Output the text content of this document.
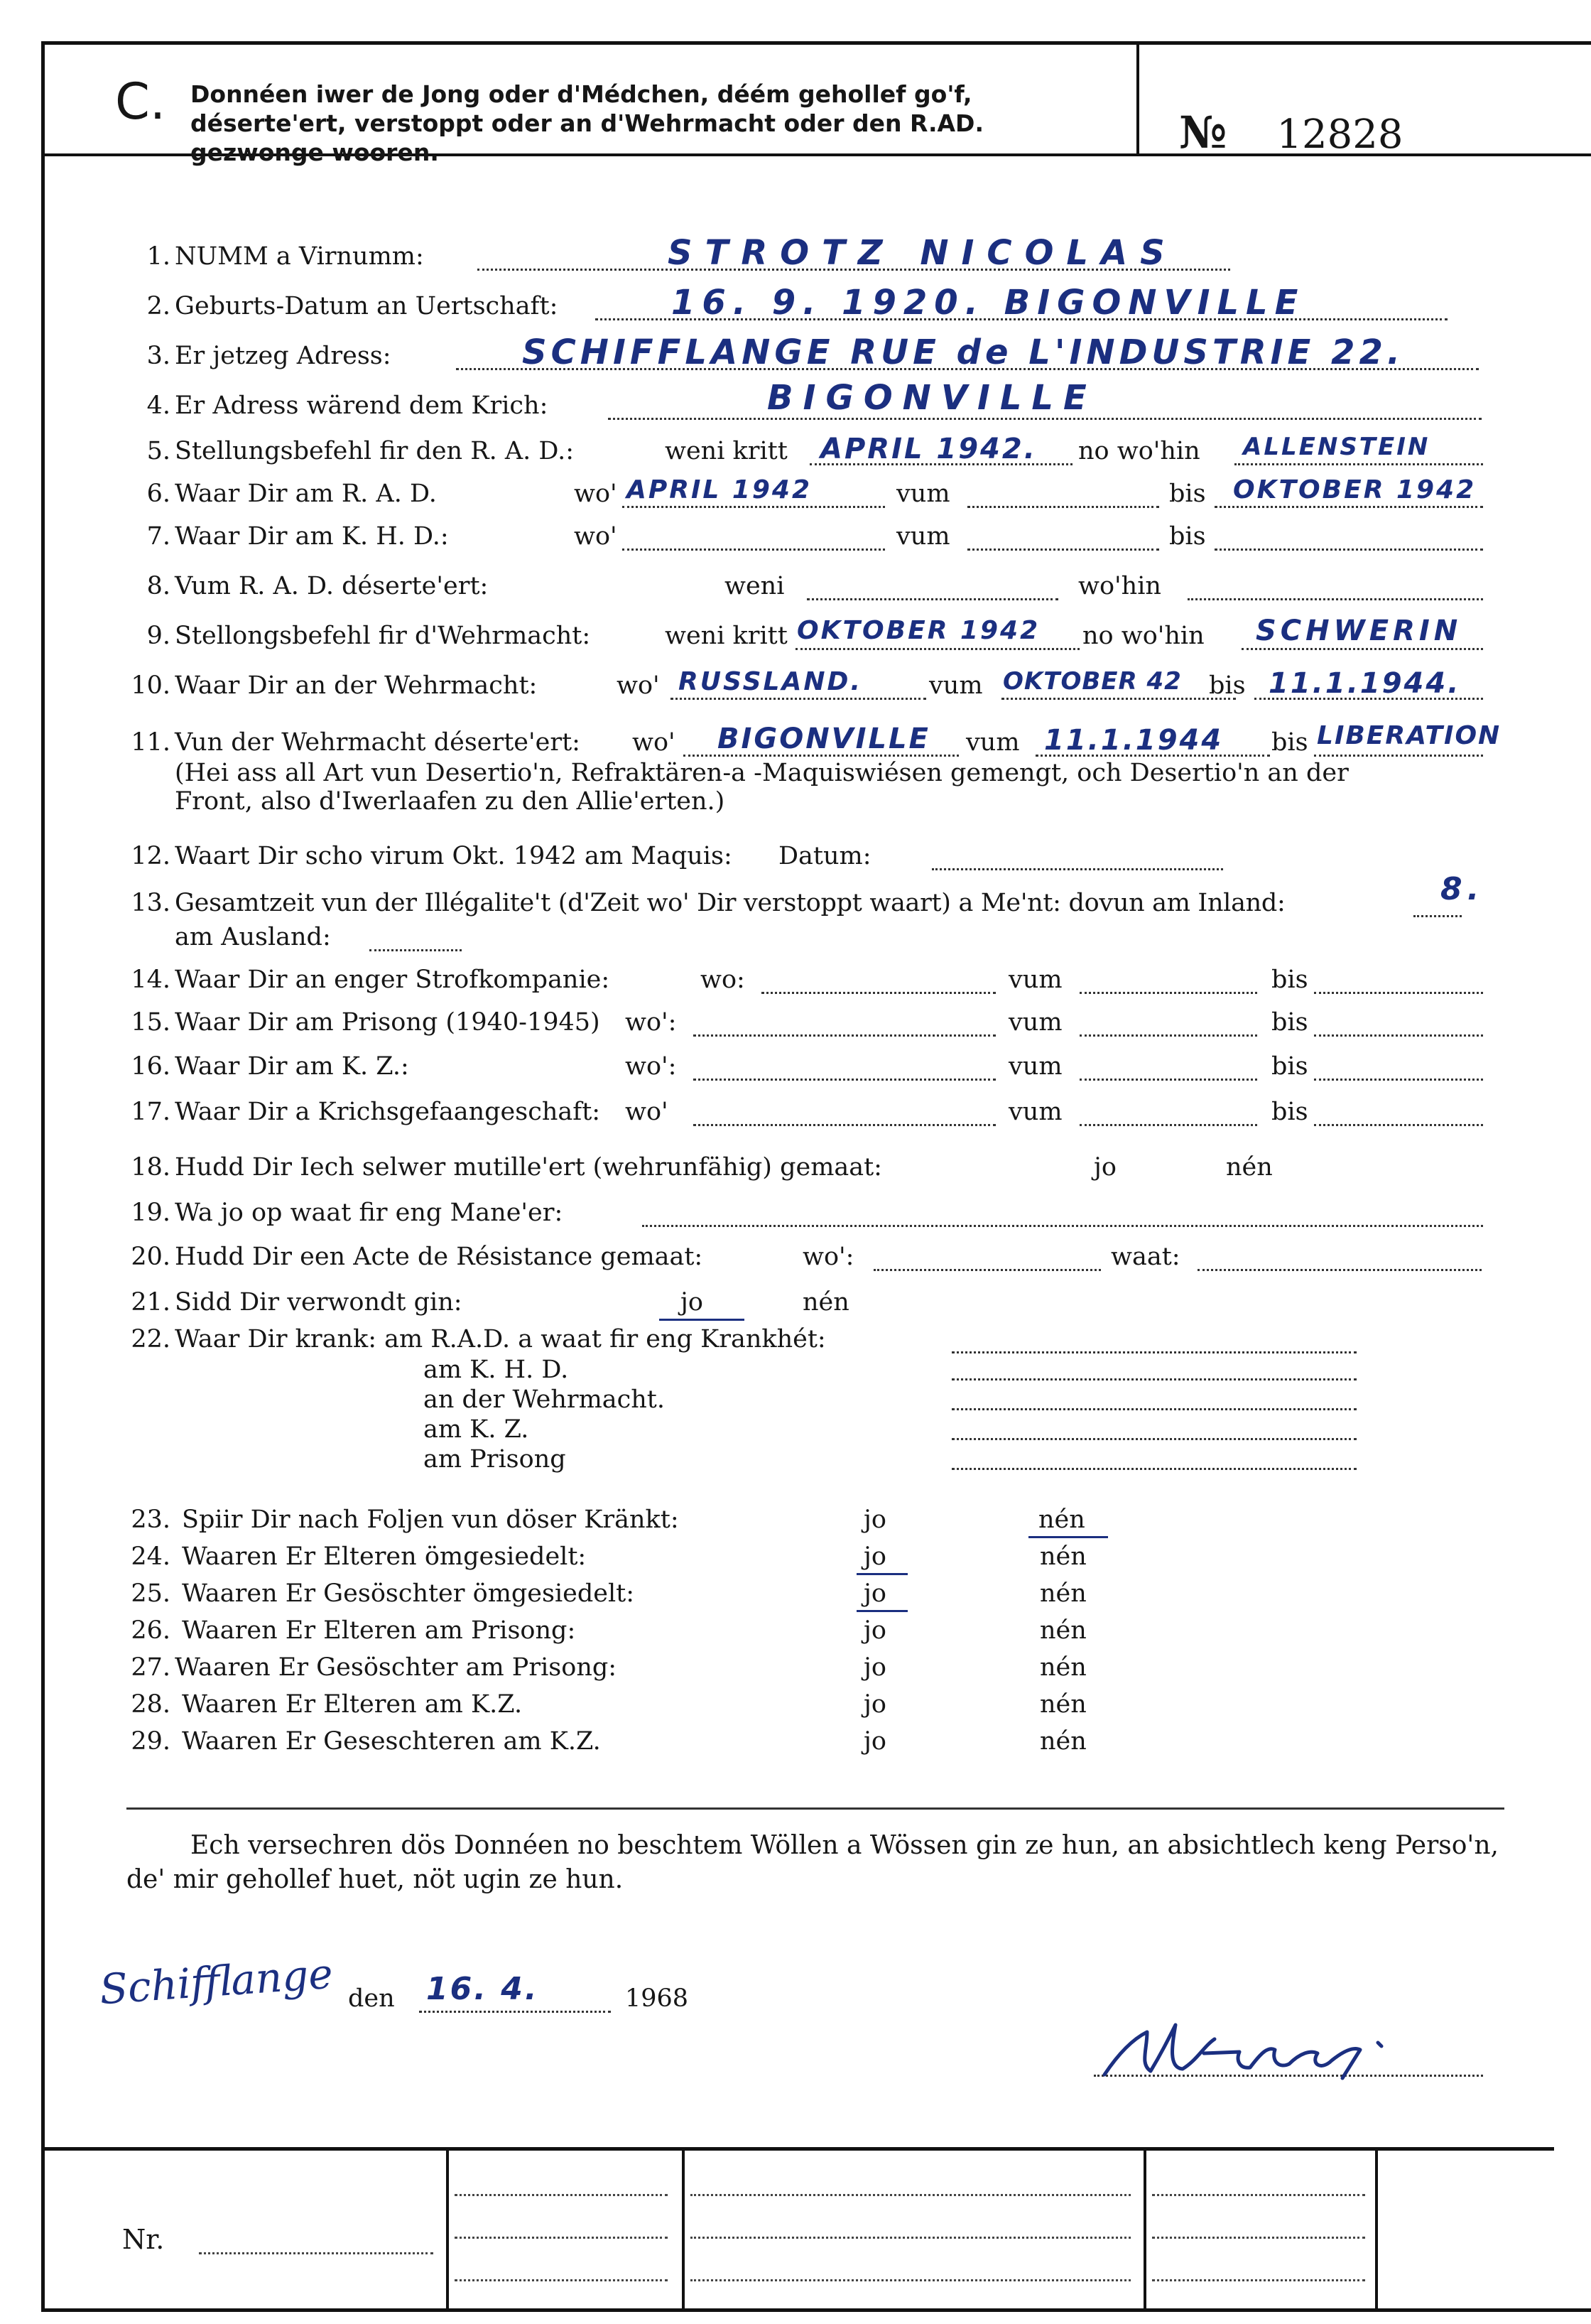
C. Donnéen iwer de Jong oder d'Médchen, déém gehollef go'f, déserte'ert, verstoppt oder an d'Wehrmacht oder den R.AD. gezwonge wooren.	№ 12828
1. NUMM a Virnumm:	STROTZ NICOLAS
2. Geburts-Datum an Uertschaft:	16. 9. 1920. BIGONVILLE
3. Er jetzeg Adress:	SCHIFFLANGE RUE de L'INDUSTRIE 22.
4. Er Adress wärend dem Krich:	BIGONVILLE
5. Stellungsbefehl fir den R. A. D.:	weni kritt APRIL 1942. no wo'hin ALLENSTEIN
6. Waar Dir am R. A. D.	wo' APRIL 1942	vum	bis OKTOBER 1942
7. Waar Dir am K. H. D.:	wo'	vum	bis
8. Vum R. A. D. déserte'ert:	weni	wo'hin
9. Stellongsbefehl fir d'Wehrmacht:	weni kritt OKTOBER 1942 no wo'hin SCHWERIN
10. Waar Dir an der Wehrmacht:	wo' RUSSLAND.	vum OKTOBER 42 bis 11.1.1944.
11. Vun der Wehrmacht déserte'ert: wo' BIGONVILLE vum 11.1.1944 bis LIBERATION
(Hei ass all Art vun Desertio'n, Refraktären-a -Maquiswiésen gemengt, och Desertio'n an der
Front, also d'Iwerlaafen zu den Allie'erten.)
12. Waart Dir scho virum Okt. 1942 am Maquis: Datum:
13. Gesamtzeit vun der Illégalite't (d'Zeit wo' Dir verstoppt waart) a Me'nt: dovun am Inland:	8.
am Ausland:
14. Waar Dir an enger Strofkompanie:	wo:	vum	bis
15. Waar Dir am Prisong (1940-1945) wo':	vum	bis
16. Waar Dir am K. Z.:	wo':	vum	bis
17. Waar Dir a Krichsgefaangeschaft: wo'	vum	bis
18. Hudd Dir Iech selwer mutille'ert (wehrunfähig) gemaat:	jo	nén
19. Wa jo op waat fir eng Mane'er:
20. Hudd Dir een Acte de Résistance gemaat:	wo':	waat:
21. Sidd Dir verwondt gin:	jo	nén
22. Waar Dir krank: am R.A.D. a waat fir eng Krankhét:
am K. H. D.
an der Wehrmacht.
am K. Z.
am Prisong
23. Spiir Dir nach Foljen vun döser Kränkt:	jo	nén
24. Waaren Er Elteren ömgesiedelt:	jo	nén
25. Waaren Er Gesöschter ömgesiedelt:	jo	nén
26. Waaren Er Elteren am Prisong:	jo	nén
27. Waaren Er Gesöschter am Prisong:	jo	nén
28. Waaren Er Elteren am K.Z.	jo	nén
29. Waaren Er Geseschteren am K.Z.	jo	nén
Ech versechren dös Donnéen no beschtem Wöllen a Wössen gin ze hun, an absichtlech keng Perso'n, de' mir gehollef huet, nöt ugin ze hun.
Schifflange den 16. 4.	1968
Nr.
